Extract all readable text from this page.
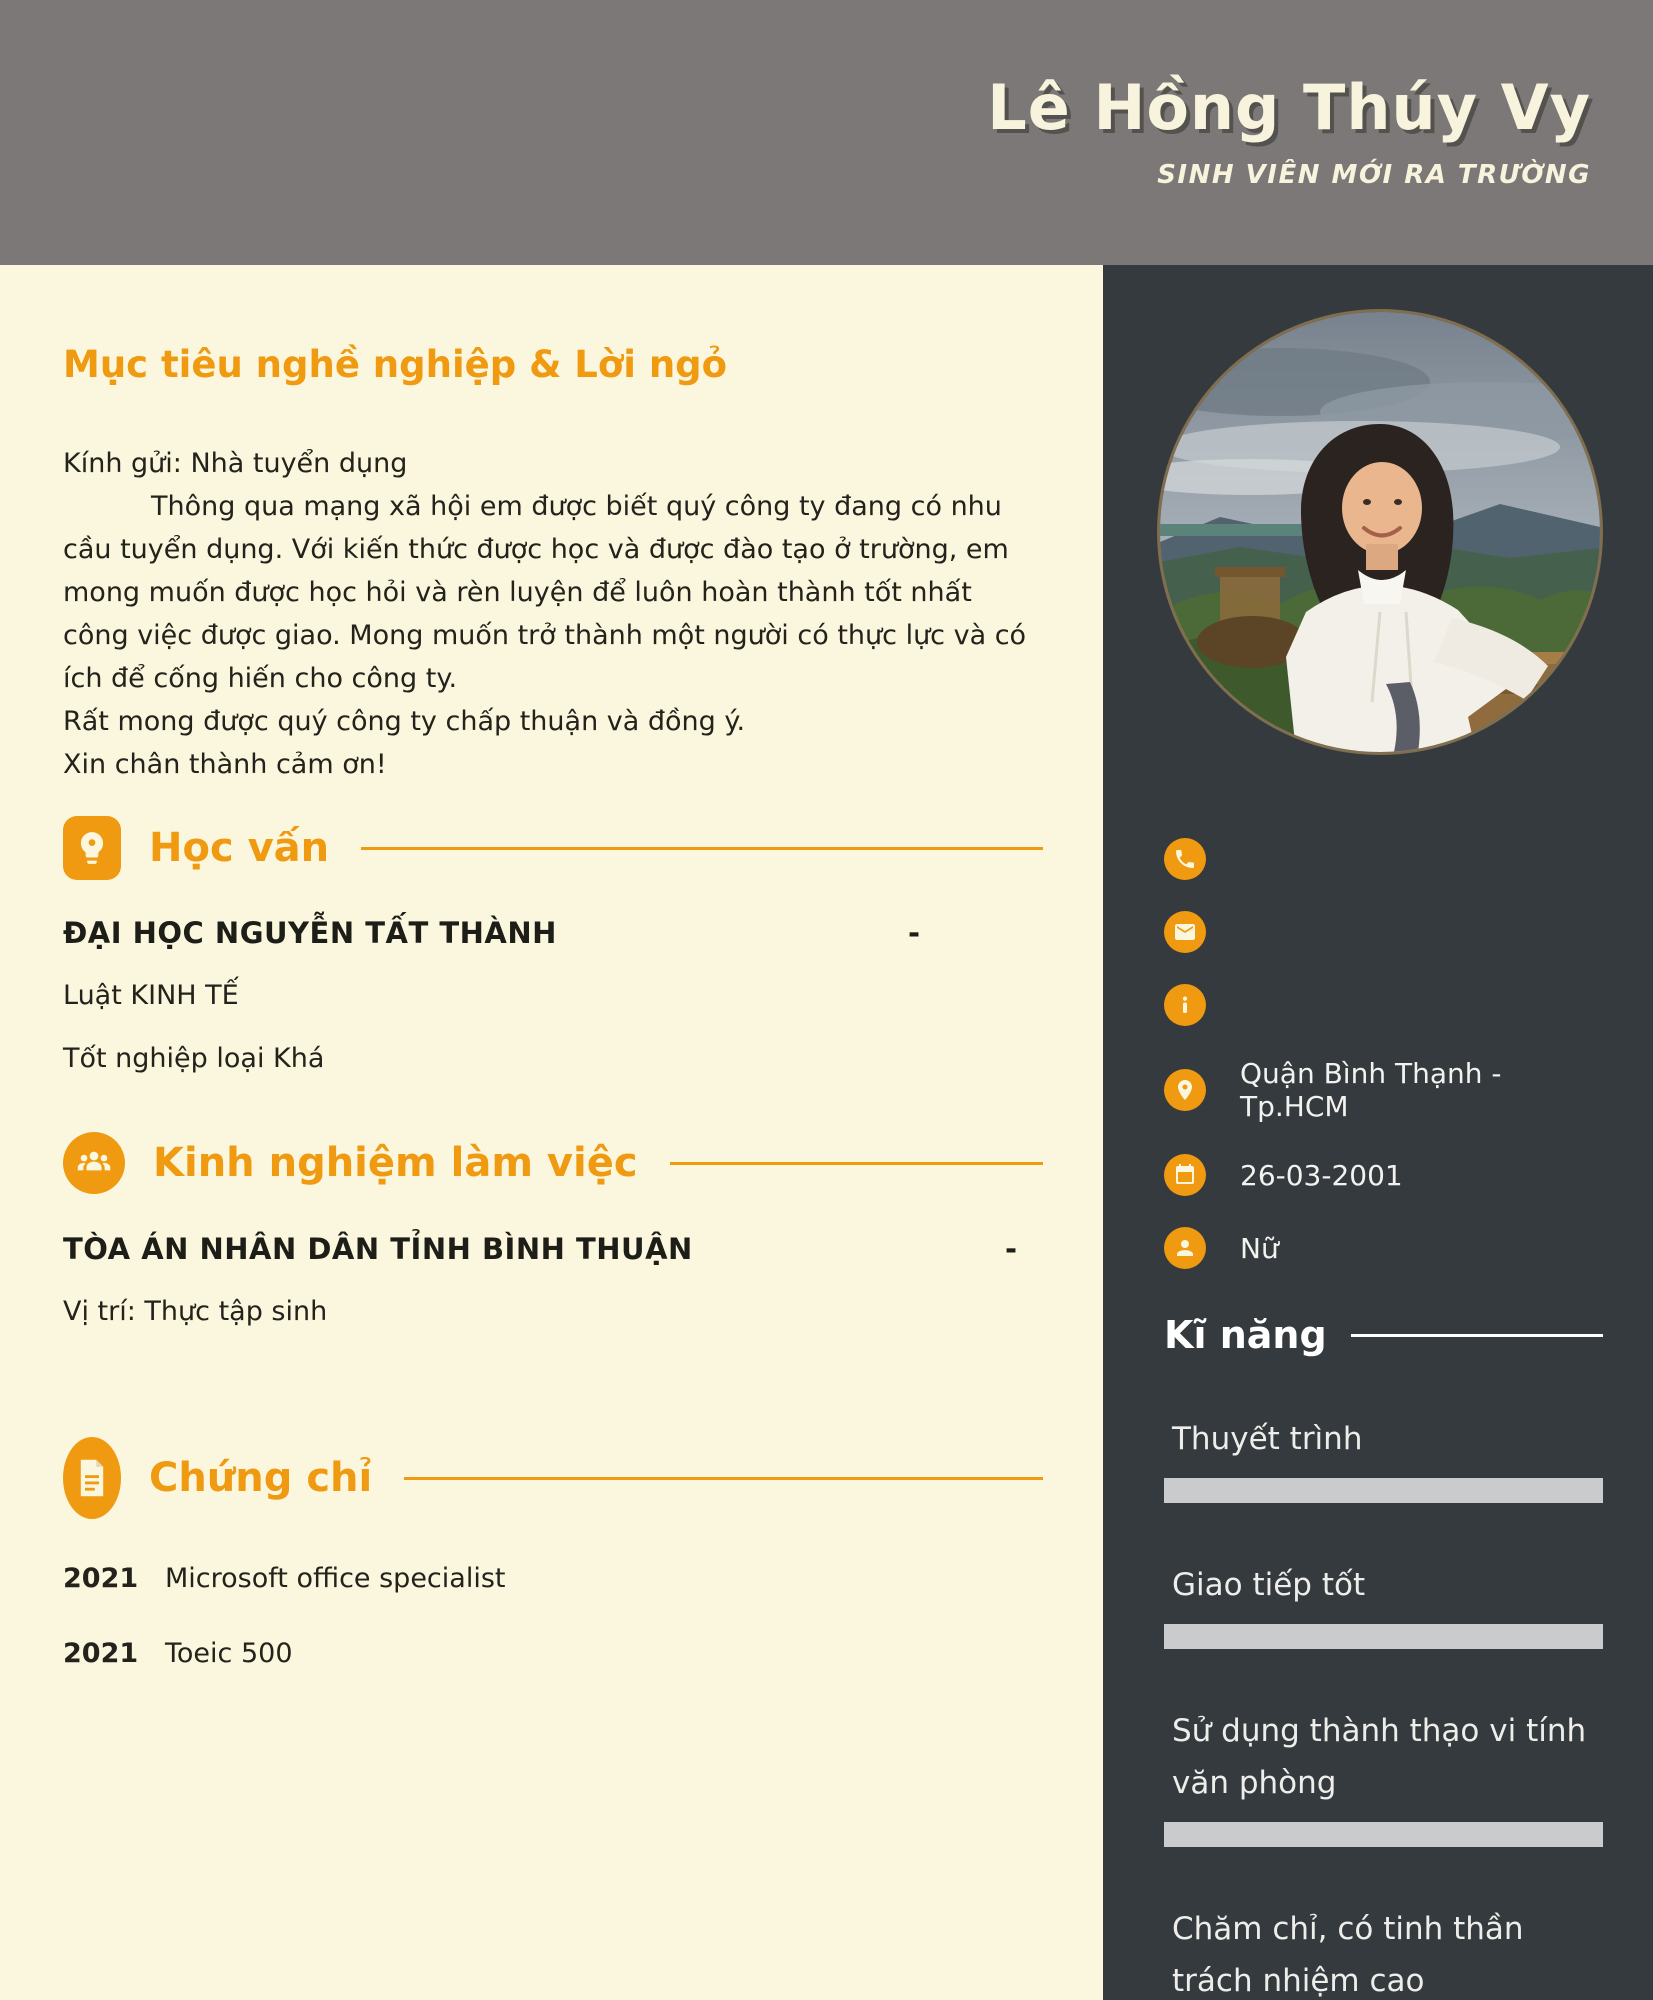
Lê Hồng Thúy Vy
SINH VIÊN MỚI RA TRƯỜNG
Mục tiêu nghề nghiệp & Lời ngỏ
Kính gửi: Nhà tuyển dụng
Thông qua mạng xã hội em được biết quý công ty đang có nhu cầu tuyển dụng. Với kiến thức được học và được đào tạo ở trường, em mong muốn được học hỏi và rèn luyện để luôn hoàn thành tốt nhất công việc được giao. Mong muốn trở thành một người có thực lực và có ích để cống hiến cho công ty.
Rất mong được quý công ty chấp thuận và đồng ý.
Xin chân thành cảm ơn!
Học vấn
ĐẠI HỌC NGUYỄN TẤT THÀNH	-
Luật KINH TẾ
Tốt nghiệp loại Khá
Kinh nghiệm làm việc
TÒA ÁN NHÂN DÂN TỈNH BÌNH THUẬN	-
Vị trí: Thực tập sinh
Chứng chỉ
2021 Microsoft office specialist
2021 Toeic 500
Quận Bình Thạnh - Tp.HCM
26-03-2001
Nữ
Kĩ năng
Thuyết trình
Giao tiếp tốt
Sử dụng thành thạo vi tính văn phòng
Chăm chỉ, có tinh thần trách nhiệm cao
